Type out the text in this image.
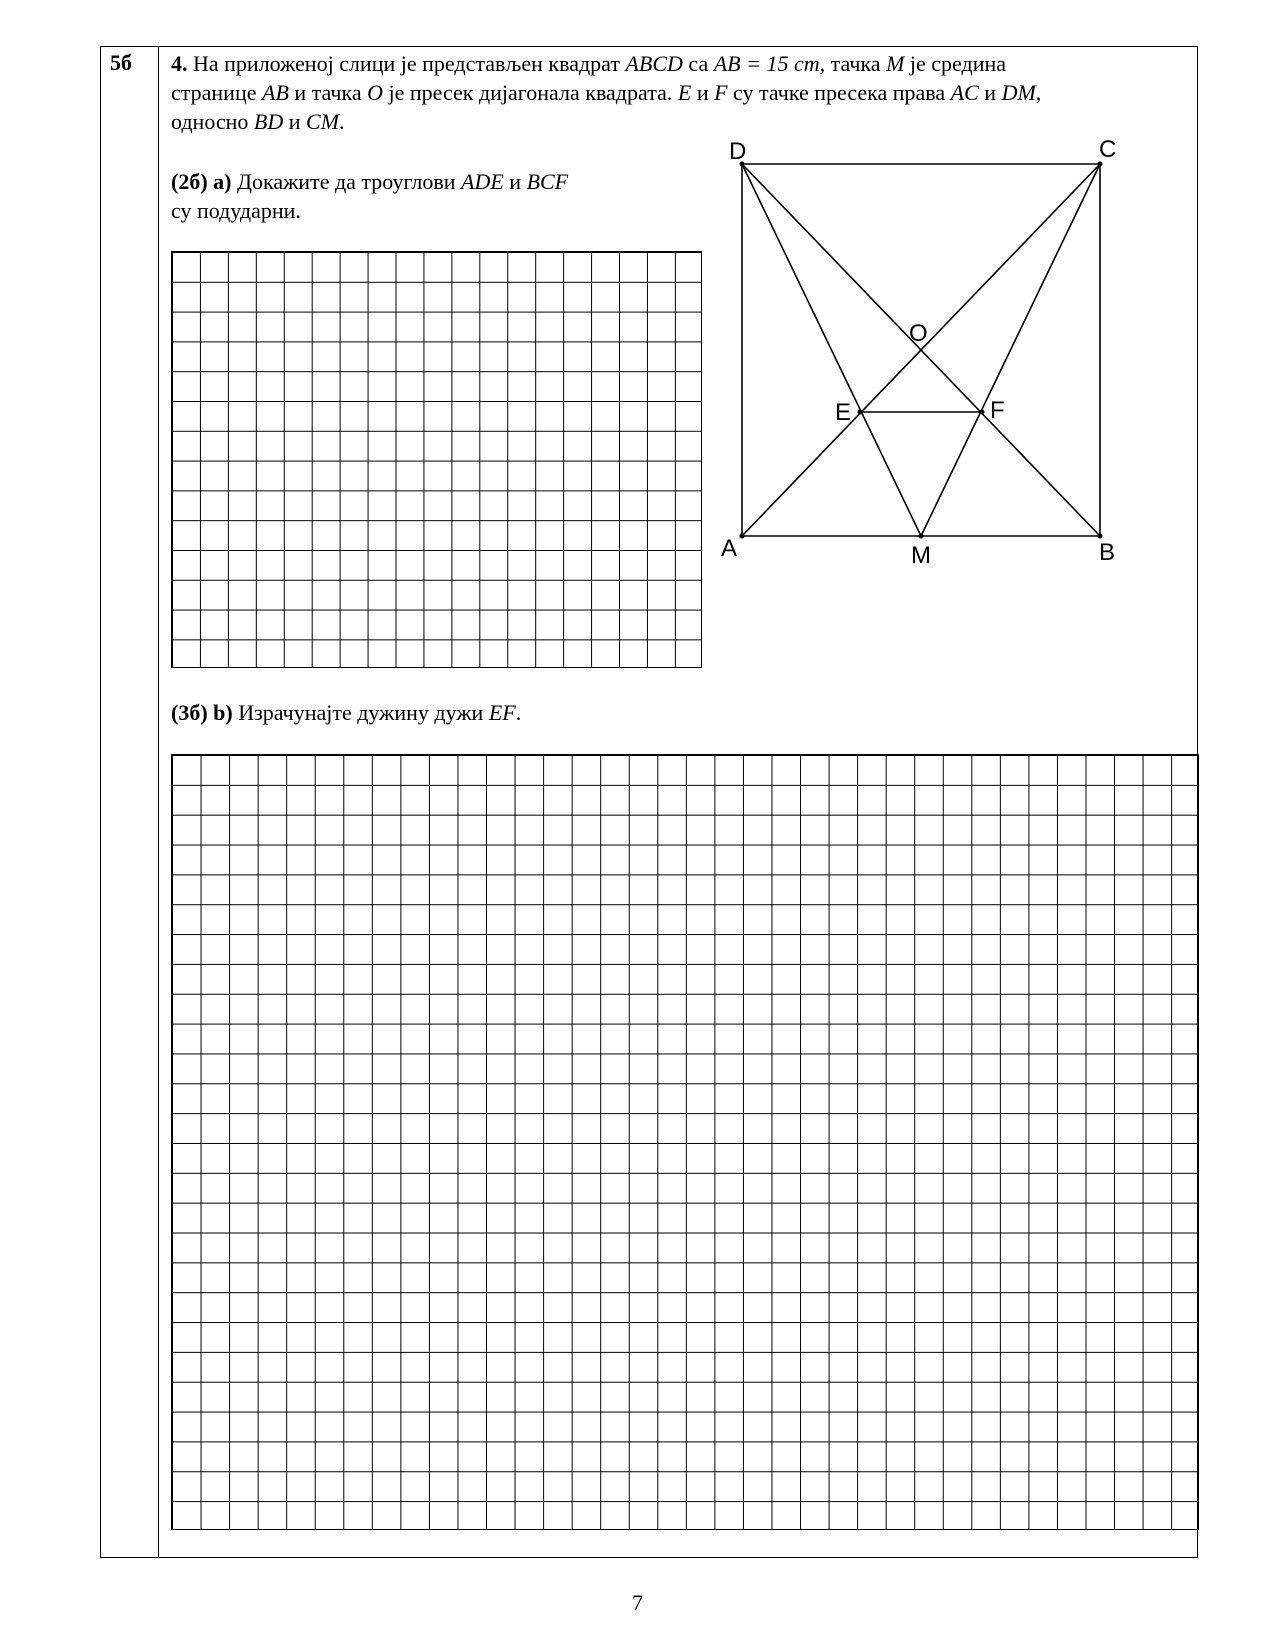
5б 4. На приложеној слици је представљен квадрат ABCD са AB = 15 cm, тачка M је средина
странице AB и тачка O је пресек дијагонала квадрата. E и F су тачке пресека права AC и DM,
односно BD и CM.
(2б) a) Докажите да троуглови ADE и BCF
су подударни.
D	C
O
E	F
A	M	B
(3б) b) Израчунајте дужину дужи EF.
7
